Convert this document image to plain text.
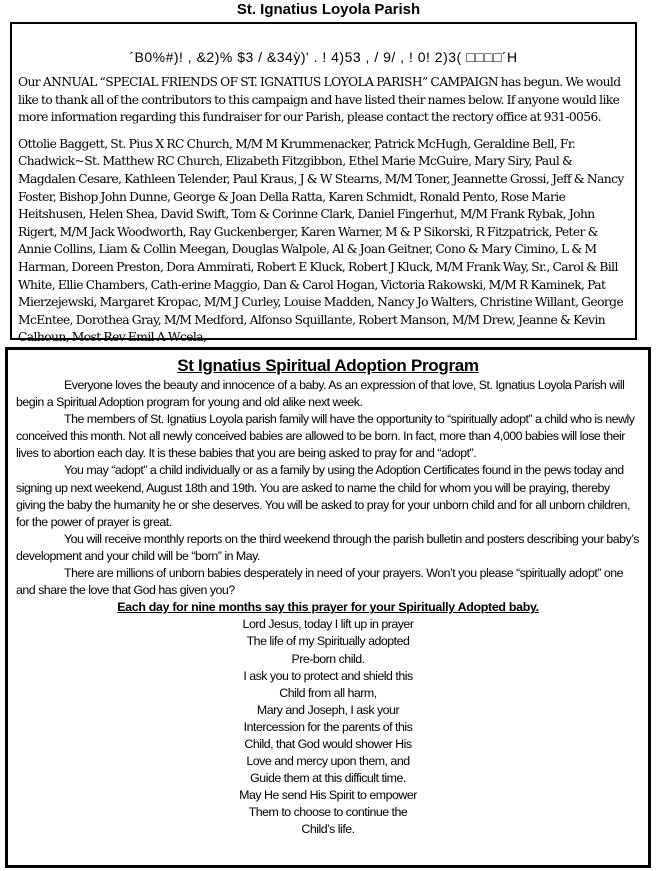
St. Ignatius Loyola Parish
´B0%#)! , &2)% $3 / &34ỳ)' . ! 4)53 , / 9/ , ! 0! 2)3( □□□□´H

Our ANNUAL “SPECIAL FRIENDS OF ST. IGNATIUS LOYOLA PARISH” CAMPAIGN has begun. We would like to thank all of the contributors to this campaign and have listed their names below. If anyone would like more information regarding this fundraiser for our Parish, please contact the rectory office at 931-0056.

Ottolie Baggett, St. Pius X RC Church, M/M M Krummenacker, Patrick McHugh, Geraldine Bell, Fr. Chadwick~St. Matthew RC Church, Elizabeth Fitzgibbon, Ethel Marie McGuire, Mary Siry, Paul & Magdalen Cesare, Kathleen Telender, Paul Kraus, J & W Stearns, M/M Toner, Jeannette Grossi, Jeff & Nancy Foster, Bishop John Dunne, George & Joan Della Ratta, Karen Schmidt, Ronald Pento, Rose Marie Heitshusen, Helen Shea, David Swift, Tom & Corinne Clark, Daniel Fingerhut, M/M Frank Rybak, John Rigert, M/M Jack Woodworth, Ray Guckenberger, Karen Warner, M & P Sikorski, R Fitzpatrick, Peter & Annie Collins, Liam & Collin Meegan, Douglas Walpole, Al & Joan Geitner, Cono & Mary Cimino, L & M Harman, Doreen Preston, Dora Ammirati, Robert E Kluck, Robert J Kluck, M/M Frank Way, Sr., Carol & Bill White, Ellie Chambers, Cath-erine Maggio, Dan & Carol Hogan, Victoria Rakowski, M/M R Kaminek, Pat Mierzejewski, Margaret Kropac, M/M J Curley, Louise Madden, Nancy Jo Walters, Christine Willant, George McEntee, Dorothea Gray, M/M Medford, Alfonso Squillante, Robert Manson, M/M Drew, Jeanne & Kevin Calhoun, Most Rev Emil A Wcela,

St Ignatius Spiritual Adoption Program

Everyone loves the beauty and innocence of a baby. As an expression of that love, St. Ignatius Loyola Parish will begin a Spiritual Adoption program for young and old alike next week.

The members of St. Ignatius Loyola parish family will have the opportunity to “spiritually adopt” a child who is newly conceived this month. Not all newly conceived babies are allowed to be born. In fact, more than 4,000 babies will lose their lives to abortion each day. It is these babies that you are being asked to pray for and “adopt”.

You may “adopt” a child individually or as a family by using the Adoption Certificates found in the pews today and signing up next weekend, August 18th and 19th. You are asked to name the child for whom you will be praying, thereby giving the baby the humanity he or she deserves. You will be asked to pray for your unborn child and for all unborn children, for the power of prayer is great.

You will receive monthly reports on the third weekend through the parish bulletin and posters describing your baby’s development and your child will be “born” in May.

There are millions of unborn babies desperately in need of your prayers. Won’t you please “spiritually adopt” one and share the love that God has given you?

Each day for nine months say this prayer for your Spiritually Adopted baby.
Lord Jesus, today I lift up in prayer
The life of my Spiritually adopted
Pre-born child.
I ask you to protect and shield this
Child from all harm,
Mary and Joseph, I ask your
Intercession for the parents of this
Child, that God would shower His
Love and mercy upon them, and
Guide them at this difficult time.
May He send His Spirit to empower
Them to choose to continue the
Child’s life.
